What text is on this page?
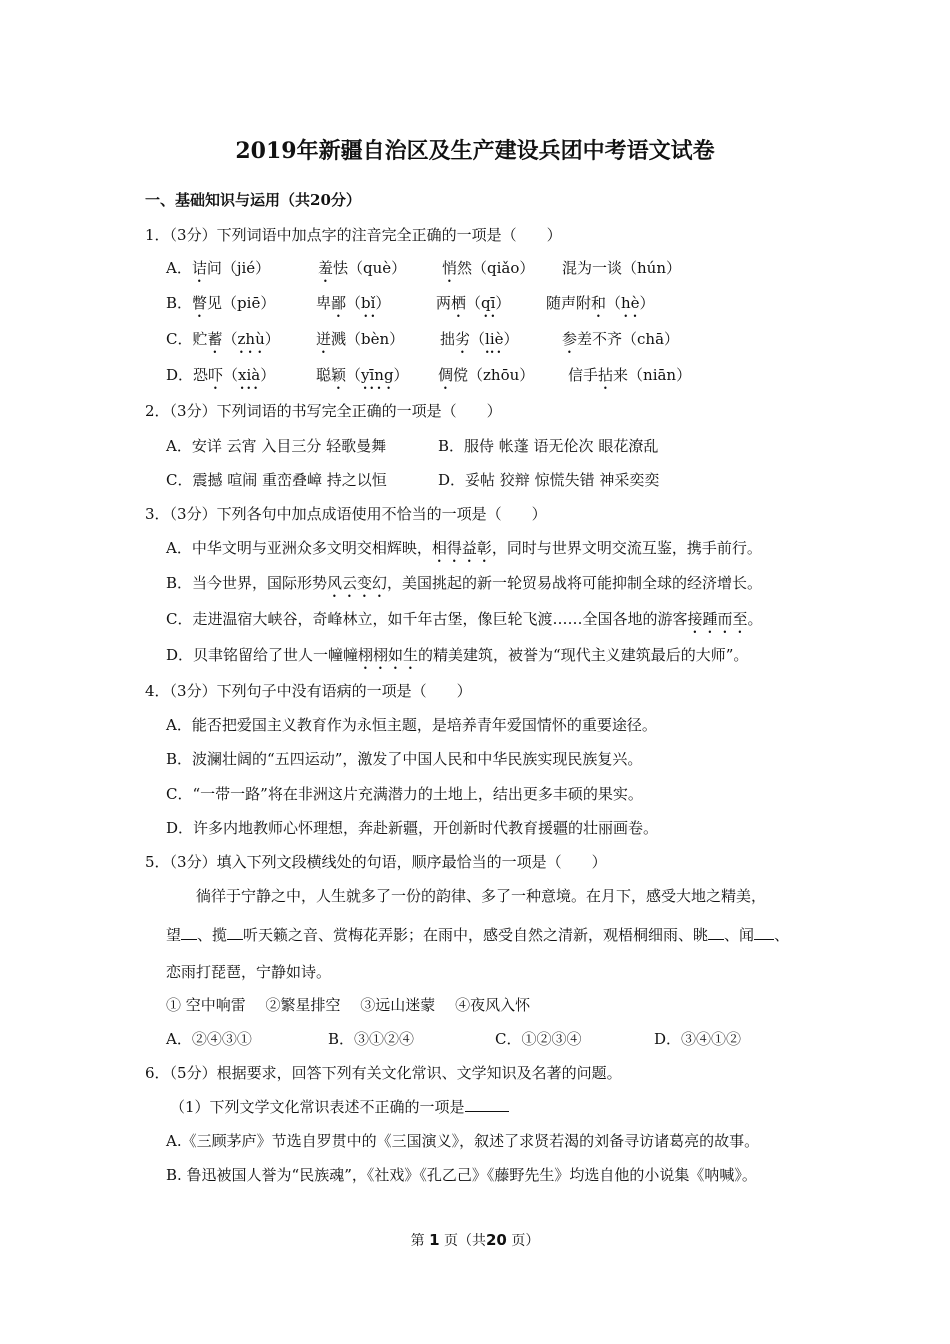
2019年新疆自治区及生产建设兵团中考语文试卷
一、基础知识与运用（共20分）
1．（3分）下列词语中加点字的注音完全正确的一项是（　　）
A．诘问（jié）	羞怯（què） 悄然（qiǎo） 混为一谈（hún）
B．瞥见（piē）	卑鄙（bǐ）	两栖（qī） 随声附和（hè）
C．贮蓄（zhù） 迸溅（bèn） 拙劣（liè）	参差不齐（chā）
D．恐吓（xià）	聪颖（yīng） 倜傥（zhōu） 信手拈来（niān）
2．（3分）下列词语的书写完全正确的一项是（　　）
A．安详 云宵 入目三分 轻歌曼舞	B．服侍 帐蓬 语无伦次 眼花潦乱
C．震撼 喧闹 重峦叠嶂 持之以恒	D．妥帖 狡辩 惊慌失错 神采奕奕
3．（3分）下列各句中加点成语使用不恰当的一项是（　　）
A．中华文明与亚洲众多文明交相辉映，相得益彰，同时与世界文明交流互鉴，携手前行。
B．当今世界，国际形势风云变幻，美国挑起的新一轮贸易战将可能抑制全球的经济增长。
C．走进温宿大峡谷，奇峰林立，如千年古堡，像巨轮飞渡……全国各地的游客接踵而至。
D．贝聿铭留给了世人一幢幢栩栩如生的精美建筑，被誉为“现代主义建筑最后的大师”。
4．（3分）下列句子中没有语病的一项是（　　）
A．能否把爱国主义教育作为永恒主题，是培养青年爱国情怀的重要途径。
B．波澜壮阔的“五四运动”，激发了中国人民和中华民族实现民族复兴。
C．“一带一路”将在非洲这片充满潜力的土地上，结出更多丰硕的果实。
D．许多内地教师心怀理想，奔赴新疆，开创新时代教育援疆的壮丽画卷。
5．（3分）填入下列文段横线处的句语，顺序最恰当的一项是（　　）
徜徉于宁静之中，人生就多了一份的韵律、多了一种意境。在月下，感受大地之精美，
望 、揽 听天籁之音、赏梅花弄影；在雨中，感受自然之清新，观梧桐细雨、眺 、闻 、
恋雨打琵琶，宁静如诗。
① 空中响雷　 ②繁星排空　 ③远山迷蒙　 ④夜风入怀
A．②④③①	B．③①②④	C．①②③④	D．③④①②
6．（5分）根据要求，回答下列有关文化常识、文学知识及名著的问题。
（1）下列文学文化常识表述不正确的一项是
A.《三顾茅庐》节选自罗贯中的《三国演义》，叙述了求贤若渴的刘备寻访诸葛亮的故事。
B. 鲁迅被国人誉为“民族魂”，《社戏》《孔乙己》《藤野先生》均选自他的小说集《呐喊》。
第 1 页（共20 页）
